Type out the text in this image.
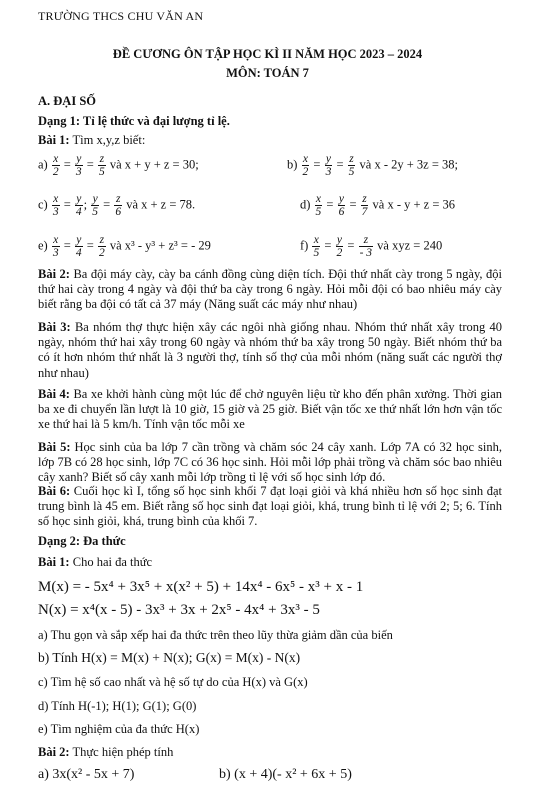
TRƯỜNG THCS CHU VĂN AN
ĐỀ CƯƠNG ÔN TẬP HỌC KÌ II NĂM HỌC 2023 – 2024
MÔN: TOÁN 7
A. ĐẠI SỐ
Dạng 1: Tỉ lệ thức và đại lượng tỉ lệ.
Bài 1: Tìm x,y,z biết:
$a) \frac{x}{2} = \frac{y}{3} = \frac{z}{5}$ và x + y + z = 30;	$b) \frac{x}{2} = \frac{y}{3} = \frac{z}{5}$ và x - 2y + 3z = 38;
$c) \frac{x}{3} = \frac{y}{4}$ ; $\frac{y}{5} = \frac{z}{6}$ và x + z = 78.	$d) \frac{x}{5} = \frac{y}{6} = \frac{z}{7}$ và x - y + z = 36
$e) \frac{x}{3} = \frac{y}{4} = \frac{z}{2}$ và x³ - y³ + z³ = - 29	$f) \frac{x}{5} = \frac{y}{2} = \frac{z}{- 3}$ và xyz = 240
Bài 2: Ba đội máy cày, cày ba cánh đồng cùng diện tích. Đội thứ nhất cày trong 5 ngày, đội thứ hai cày trong 4 ngày và đội thứ ba cày trong 6 ngày. Hỏi mỗi đội có bao nhiêu máy cày biết rằng ba đội có tất cả 37 máy (Năng suất các máy như nhau)
Bài 3: Ba nhóm thợ thực hiện xây các ngôi nhà giống nhau. Nhóm thứ nhất xây trong 40 ngày, nhóm thứ hai xây trong 60 ngày và nhóm thứ ba xây trong 50 ngày. Biết nhóm thứ ba có ít hơn nhóm thứ nhất là 3 người thợ, tính số thợ của mỗi nhóm (năng suất các người thợ như nhau)
Bài 4: Ba xe khởi hành cùng một lúc để chở nguyên liệu từ kho đến phân xưởng. Thời gian ba xe đi chuyển lần lượt là 10 giờ, 15 giờ và 25 giờ. Biết vận tốc xe thứ nhất lớn hơn vận tốc xe thứ hai là 5 km/h. Tính vận tốc mỗi xe
Bài 5: Học sinh của ba lớp 7 cần trồng và chăm sóc 24 cây xanh. Lớp 7A có 32 học sinh, lớp 7B có 28 học sinh, lớp 7C có 36 học sinh. Hỏi mỗi lớp phải trồng và chăm sóc bao nhiêu cây xanh? Biết số cây xanh mỗi lớp trồng tỉ lệ với số học sinh lớp đó.
Bài 6: Cuối học kì I, tổng số học sinh khối 7 đạt loại giỏi và khá nhiều hơn số học sinh đạt trung bình là 45 em. Biết rằng số học sinh đạt loại giỏi, khá, trung bình tỉ lệ với 2; 5; 6. Tính số học sinh giỏi, khá, trung bình của khối 7.
Dạng 2: Đa thức
Bài 1: Cho hai đa thức
M(x) = - 5x⁴ + 3x⁵ + x(x² + 5) + 14x⁴ - 6x⁵ - x³ + x - 1
N(x) = x⁴(x - 5) - 3x³ + 3x + 2x⁵ - 4x⁴ + 3x³ - 5
a) Thu gọn và sắp xếp hai đa thức trên theo lũy thừa giảm dần của biến
b) Tính H(x) = M(x) + N(x); G(x) = M(x) - N(x)
c) Tìm hệ số cao nhất và hệ số tự do của H(x) và G(x)
d) Tính H(-1); H(1); G(1); G(0)
e) Tìm nghiệm của đa thức H(x)
Bài 2: Thực hiện phép tính
a) 3x(x² - 5x + 7)	b) (x + 4)(- x² + 6x + 5)
